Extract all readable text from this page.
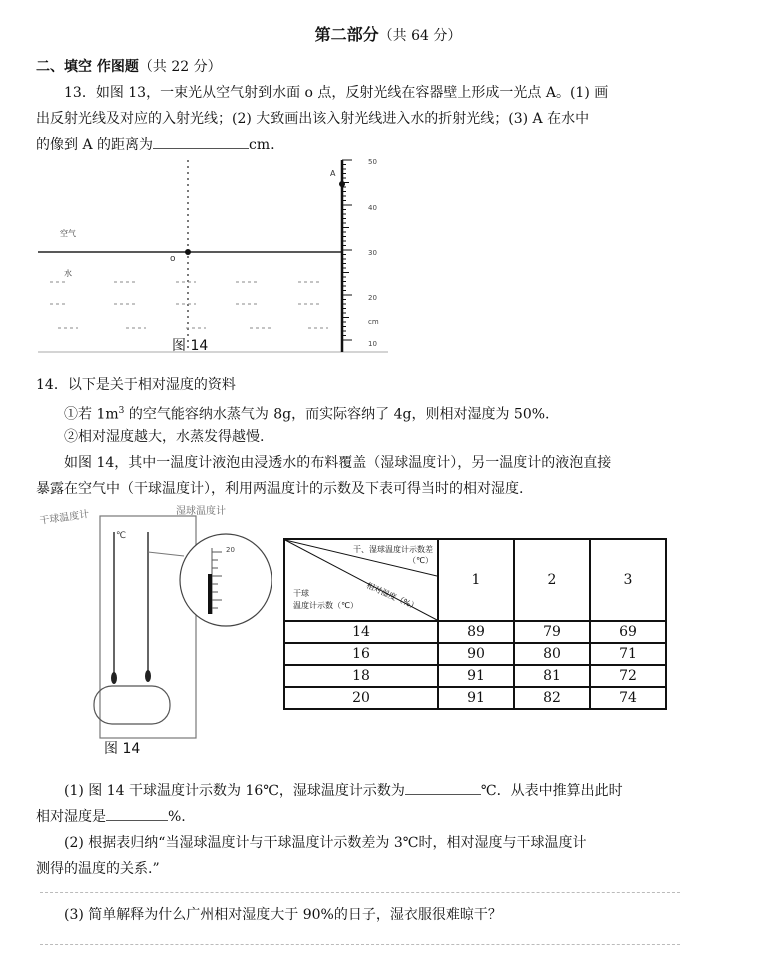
第二部分（共 64 分）
二、填空 作图题（共 22 分）
13．如图 13，一束光从空气射到水面 o 点，反射光线在容器壁上形成一光点 A。(1) 画
出反射光线及对应的入射光线；(2) 大致画出该入射光线进入水的折射光线；(3) A 在水中
的像到 A 的距离为	cm.
空气
水
o
A
50
40
30
20
cm
10
图 14
14．以下是关于相对湿度的资料
①若 $1m^3$ 的空气能容纳水蒸气为 8g，而实际容纳了 4g，则相对湿度为 50%.
②相对湿度越大，水蒸发得越慢.
如图 14，其中一温度计液泡由浸透水的布料覆盖（湿球温度计），另一温度计的液泡直接
暴露在空气中（干球温度计），利用两温度计的示数及下表可得当时的相对湿度.
20
℃
干球温度计	湿球温度计
图 14
干、湿球温度计示数差
（℃）
相对湿度（%）
干球
温度计示数（℃）	1	2	3
14	89	79	69
16	90	80	71
18	91	81	72
20	91	82	74
(1) 图 14 干球温度计示数为 16℃，湿球温度计示数为	℃．从表中推算出此时
相对湿度是	%.
(2) 根据表归纳“当湿球温度计与干球温度计示数差为 3℃时，相对湿度与干球温度计
测得的温度的关系.”
(3) 简单解释为什么广州相对湿度大于 90%的日子，湿衣服很难晾干？
